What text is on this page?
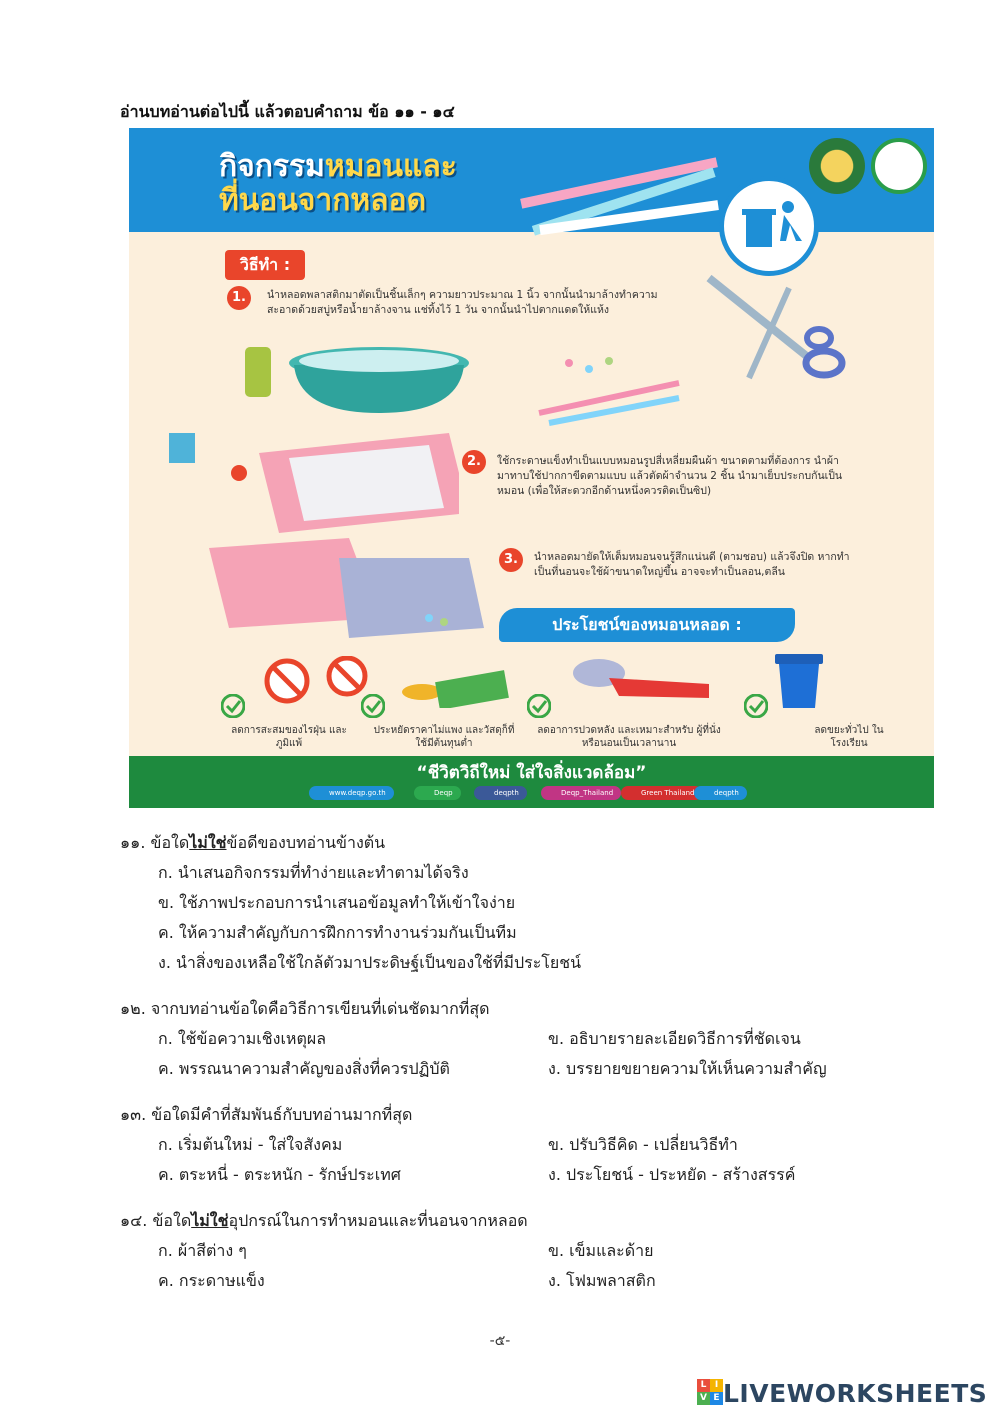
อ่านบทอ่านต่อไปนี้ แล้วตอบคำถาม ข้อ ๑๑ - ๑๔
กิจกรรมหมอนและ
ที่นอนจากหลอด
วิธีทำ :
1.	นำหลอดพลาสติกมาตัดเป็นชิ้นเล็กๆ ความยาวประมาณ 1 นิ้ว จากนั้นนำมาล้างทำความสะอาดด้วยสบู่หรือน้ำยาล้างจาน แช่ทิ้งไว้ 1 วัน จากนั้นนำไปตากแดดให้แห้ง
2.	ใช้กระดาษแข็งทำเป็นแบบหมอนรูปสี่เหลี่ยมผืนผ้า ขนาดตามที่ต้องการ นำผ้ามาทาบใช้ปากกาขีดตามแบบ แล้วตัดผ้าจำนวน 2 ชิ้น นำมาเย็บประกบกันเป็นหมอน (เพื่อให้สะดวกอีกด้านหนึ่งควรติดเป็นซิป)
3.	นำหลอดมายัดให้เต็มหมอนจนรู้สึกแน่นดี (ตามชอบ) แล้วจึงปิด หากทำเป็นที่นอนจะใช้ผ้าขนาดใหญ่ขึ้น อาจจะทำเป็นลอน,ตลีน
ประโยชน์ของหมอนหลอด :
ลดการสะสมของไรฝุ่น และภูมิแพ้
ประหยัดราคาไม่แพง และวัสดุก็ที่ใช้มีต้นทุนต่ำ
ลดอาการปวดหลัง และเหมาะสำหรับ ผู้ที่นั่งหรือนอนเป็นเวลานาน
ลดขยะทั่วไป ในโรงเรียน
“ชีวิตวิถีใหม่ ใส่ใจสิ่งแวดล้อม”
www.deqp.go.th	Deqp	deqpth	Deqp_Thailand	Green Thailand	deqpth
๑๑. ข้อใดไม่ใช่ข้อดีของบทอ่านข้างต้น
ก. นำเสนอกิจกรรมที่ทำง่ายและทำตามได้จริง
ข. ใช้ภาพประกอบการนำเสนอข้อมูลทำให้เข้าใจง่าย
ค. ให้ความสำคัญกับการฝึกการทำงานร่วมกันเป็นทีม
ง. นำสิ่งของเหลือใช้ใกล้ตัวมาประดิษฐ์เป็นของใช้ที่มีประโยชน์
๑๒. จากบทอ่านข้อใดคือวิธีการเขียนที่เด่นชัดมากที่สุด
ก. ใช้ข้อความเชิงเหตุผล	ข. อธิบายรายละเอียดวิธีการที่ชัดเจน
ค. พรรณนาความสำคัญของสิ่งที่ควรปฏิบัติ	ง. บรรยายขยายความให้เห็นความสำคัญ
๑๓. ข้อใดมีคำที่สัมพันธ์กับบทอ่านมากที่สุด
ก. เริ่มต้นใหม่ - ใส่ใจสังคม	ข. ปรับวิธีคิด - เปลี่ยนวิธีทำ
ค. ตระหนี่ - ตระหนัก - รักษ์ประเทศ	ง. ประโยชน์ - ประหยัด - สร้างสรรค์
๑๔. ข้อใดไม่ใช่อุปกรณ์ในการทำหมอนและที่นอนจากหลอด
ก. ผ้าสีต่าง ๆ	ข. เข็มและด้าย
ค. กระดาษแข็ง	ง. โฟมพลาสติก
-๕-
L I
V E LIVEWORKSHEETS
